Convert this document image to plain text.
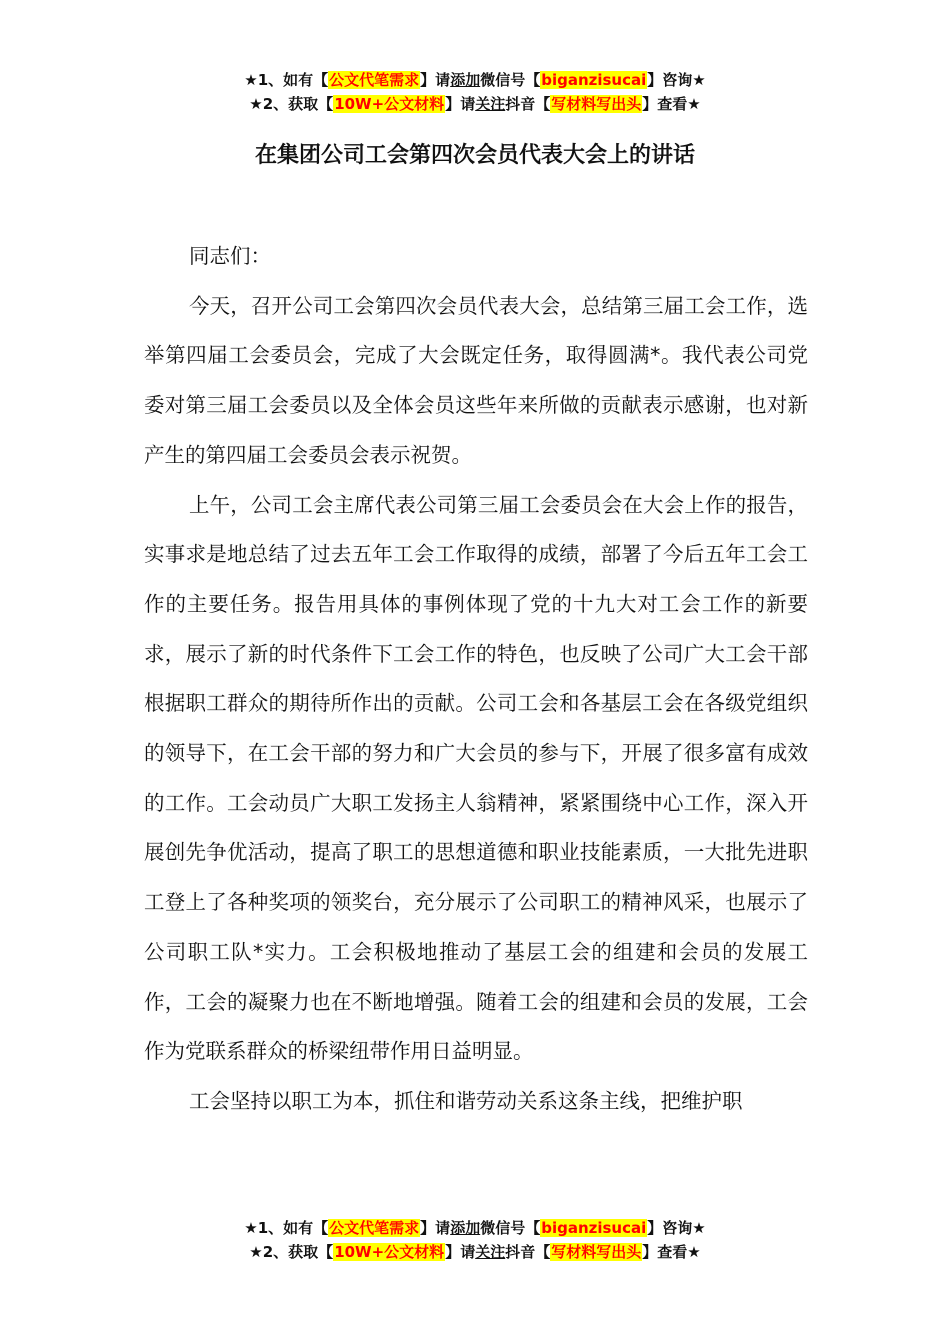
★1、如有【公文代笔需求】请添加微信号【biganzisucai】咨询★
★2、获取【10W+公文材料】请关注抖音【写材料写出头】查看★
在集团公司工会第四次会员代表大会上的讲话

同志们：

今天，召开公司工会第四次会员代表大会，总结第三届工会工作，选举第四届工会委员会，完成了大会既定任务，取得圆满*。我代表公司党委对第三届工会委员以及全体会员这些年来所做的贡献表示感谢，也对新产生的第四届工会委员会表示祝贺。

上午，公司工会主席代表公司第三届工会委员会在大会上作的报告，实事求是地总结了过去五年工会工作取得的成绩，部署了今后五年工会工作的主要任务。报告用具体的事例体现了党的十九大对工会工作的新要求，展示了新的时代条件下工会工作的特色，也反映了公司广大工会干部根据职工群众的期待所作出的贡献。公司工会和各基层工会在各级党组织的领导下，在工会干部的努力和广大会员的参与下，开展了很多富有成效的工作。工会动员广大职工发扬主人翁精神，紧紧围绕中心工作，深入开展创先争优活动，提高了职工的思想道德和职业技能素质，一大批先进职工登上了各种奖项的领奖台，充分展示了公司职工的精神风采，也展示了公司职工队*实力。工会积极地推动了基层工会的组建和会员的发展工作，工会的凝聚力也在不断地增强。随着工会的组建和会员的发展，工会作为党联系群众的桥梁纽带作用日益明显。

工会坚持以职工为本，抓住和谐劳动关系这条主线，把维护职

★1、如有【公文代笔需求】请添加微信号【biganzisucai】咨询★
★2、获取【10W+公文材料】请关注抖音【写材料写出头】查看★
